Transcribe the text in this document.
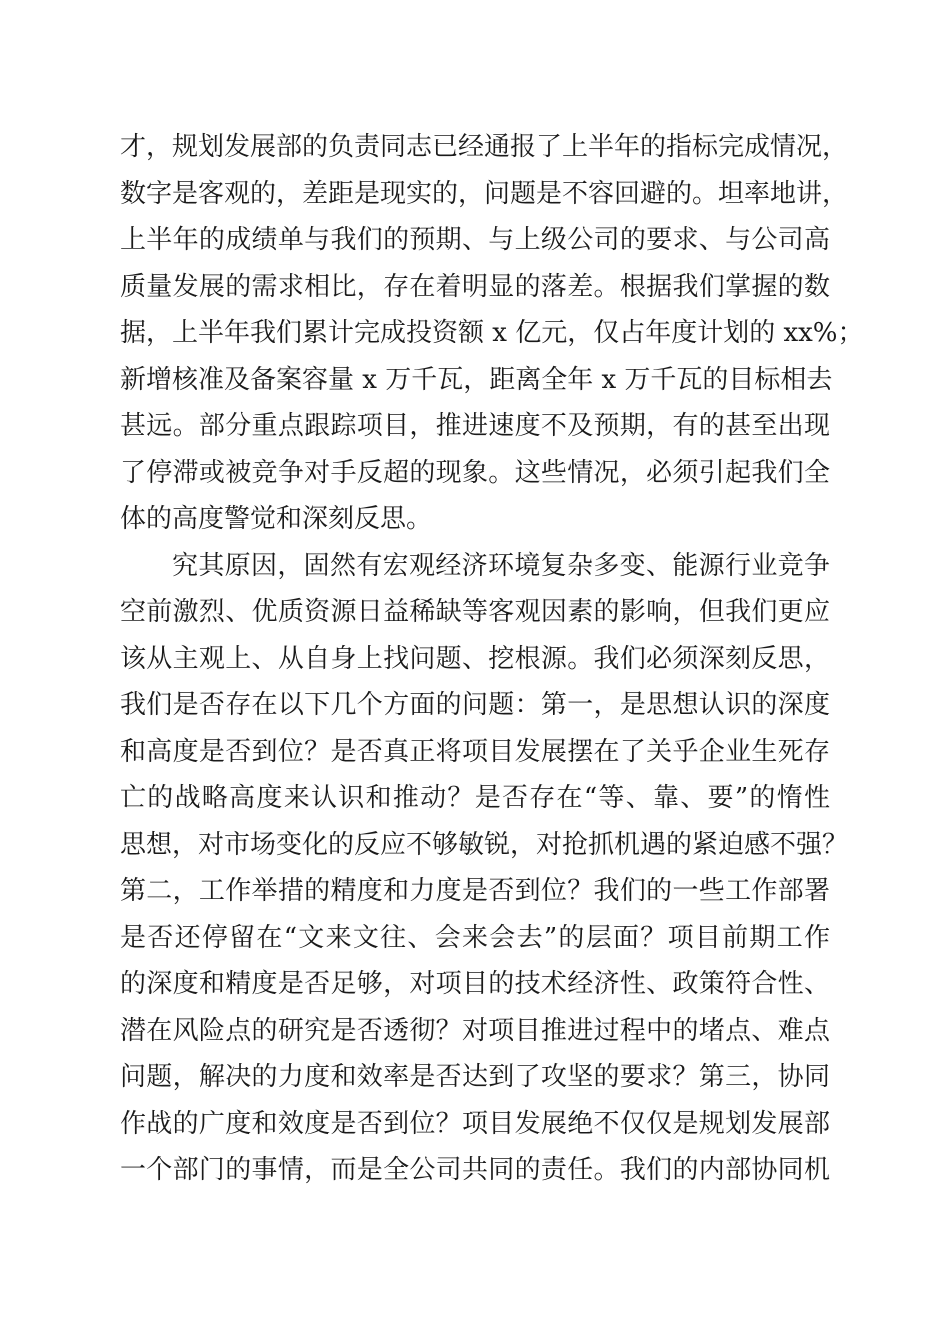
才，规划发展部的负责同志已经通报了上半年的指标完成情况，
数字是客观的，差距是现实的，问题是不容回避的。坦率地讲，
上半年的成绩单与我们的预期、与上级公司的要求、与公司高
质量发展的需求相比，存在着明显的落差。根据我们掌握的数
据，上半年我们累计完成投资额 x 亿元，仅占年度计划的 xx%；
新增核准及备案容量 x 万千瓦，距离全年 x 万千瓦的目标相去
甚远。部分重点跟踪项目，推进速度不及预期，有的甚至出现
了停滞或被竞争对手反超的现象。这些情况，必须引起我们全
体的高度警觉和深刻反思。
究其原因，固然有宏观经济环境复杂多变、能源行业竞争
空前激烈、优质资源日益稀缺等客观因素的影响，但我们更应
该从主观上、从自身上找问题、挖根源。我们必须深刻反思，
我们是否存在以下几个方面的问题：第一，是思想认识的深度
和高度是否到位？是否真正将项目发展摆在了关乎企业生死存
亡的战略高度来认识和推动？是否存在“等、靠、要”的惰性
思想，对市场变化的反应不够敏锐，对抢抓机遇的紧迫感不强？
第二，工作举措的精度和力度是否到位？我们的一些工作部署
是否还停留在“文来文往、会来会去”的层面？项目前期工作
的深度和精度是否足够，对项目的技术经济性、政策符合性、
潜在风险点的研究是否透彻？对项目推进过程中的堵点、难点
问题，解决的力度和效率是否达到了攻坚的要求？第三，协同
作战的广度和效度是否到位？项目发展绝不仅仅是规划发展部
一个部门的事情，而是全公司共同的责任。我们的内部协同机
